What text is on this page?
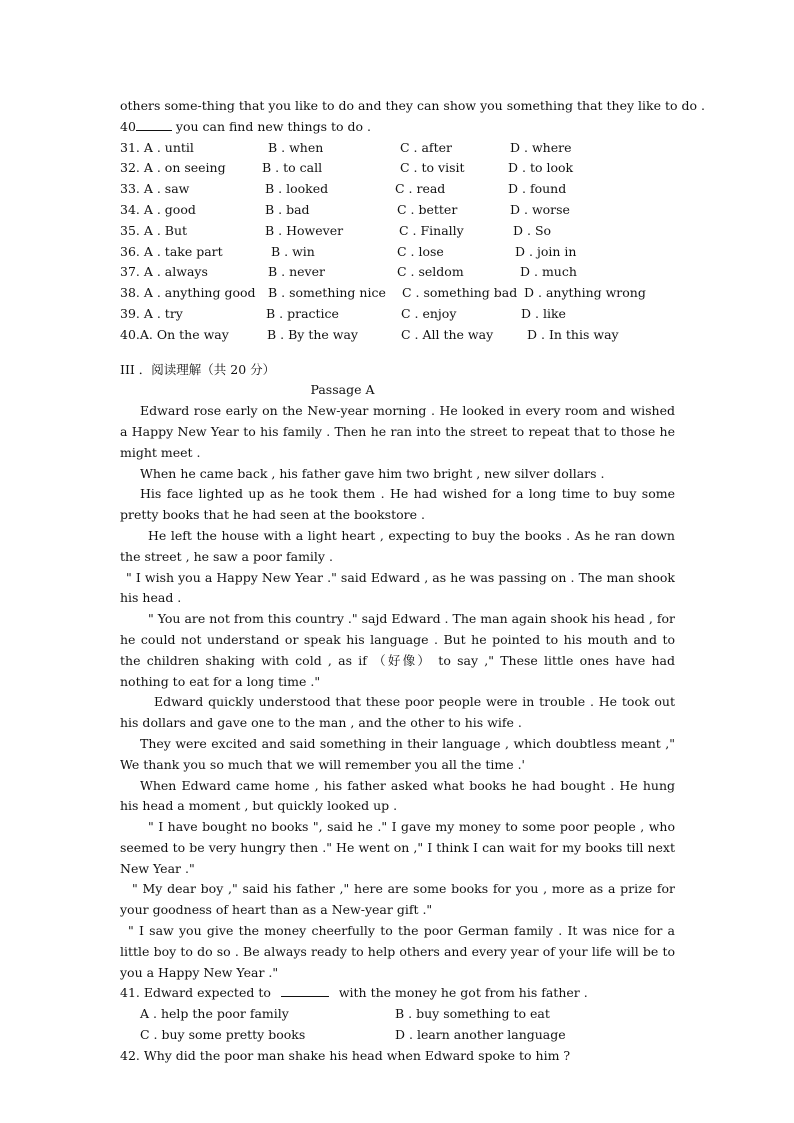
others some-thing that you like to do and they can show you something that they like to do .
40	you can find new things to do .
31. A . until	B . when	C . after	D . where
32. A . on seeing	B . to call	C . to visit	D . to look
33. A . saw	B . looked	C . read	D . found
34. A . good	B . bad	C . better	D . worse
35. A . But	B . However	C . Finally	D . So
36. A . take part	B . win	C . lose	D . join in
37. A . always	B . never	C . seldom	D . much
38. A . anything good B . something nice	C . something bad D . anything wrong
39. A . try	B . practice	C . enjoy	D . like
40.A. On the way	B . By the way	C . All the way	D . In this way
III ．阅读理解（共 20 分）
Passage A
Edward rose early on the New-year morning . He looked in every room and wished a Happy New Year to his family . Then he ran into the street to repeat that to those he might meet .
When he came back , his father gave him two bright , new silver dollars .
His face lighted up as he took them . He had wished for a long time to buy some pretty books that he had seen at the bookstore .
He left the house with a light heart , expecting to buy the books . As he ran down the street , he saw a poor family .
" I wish you a Happy New Year ." said Edward , as he was passing on . The man shook his head .
" You are not from this country ." sajd Edward . The man again shook his head , for he could not understand or speak his language . But he pointed to his mouth and to the children shaking with cold , as if （好像） to say ," These little ones have had nothing to eat for a long time ."
Edward quickly understood that these poor people were in trouble . He took out his dollars and gave one to the man , and the other to his wife .
They were excited and said something in their language , which doubtless meant ," We thank you so much that we will remember you all the time .'
When Edward came home , his father asked what books he had bought . He hung his head a moment , but quickly looked up .
" I have bought no books ", said he ." I gave my money to some poor people , who seemed to be very hungry then ." He went on ," I think I can wait for my books till next New Year ."
" My dear boy ," said his father ," here are some books for you , more as a prize for your goodness of heart than as a New-year gift ."
" I saw you give the money cheerfully to the poor German family . It was nice for a little boy to do so . Be always ready to help others and every year of your life will be to you a Happy New Year ."
41. Edward expected to	with the money he got from his father .
A . help the poor family	B . buy something to eat
C . buy some pretty books	D . learn another language
42. Why did the poor man shake his head when Edward spoke to him ?
